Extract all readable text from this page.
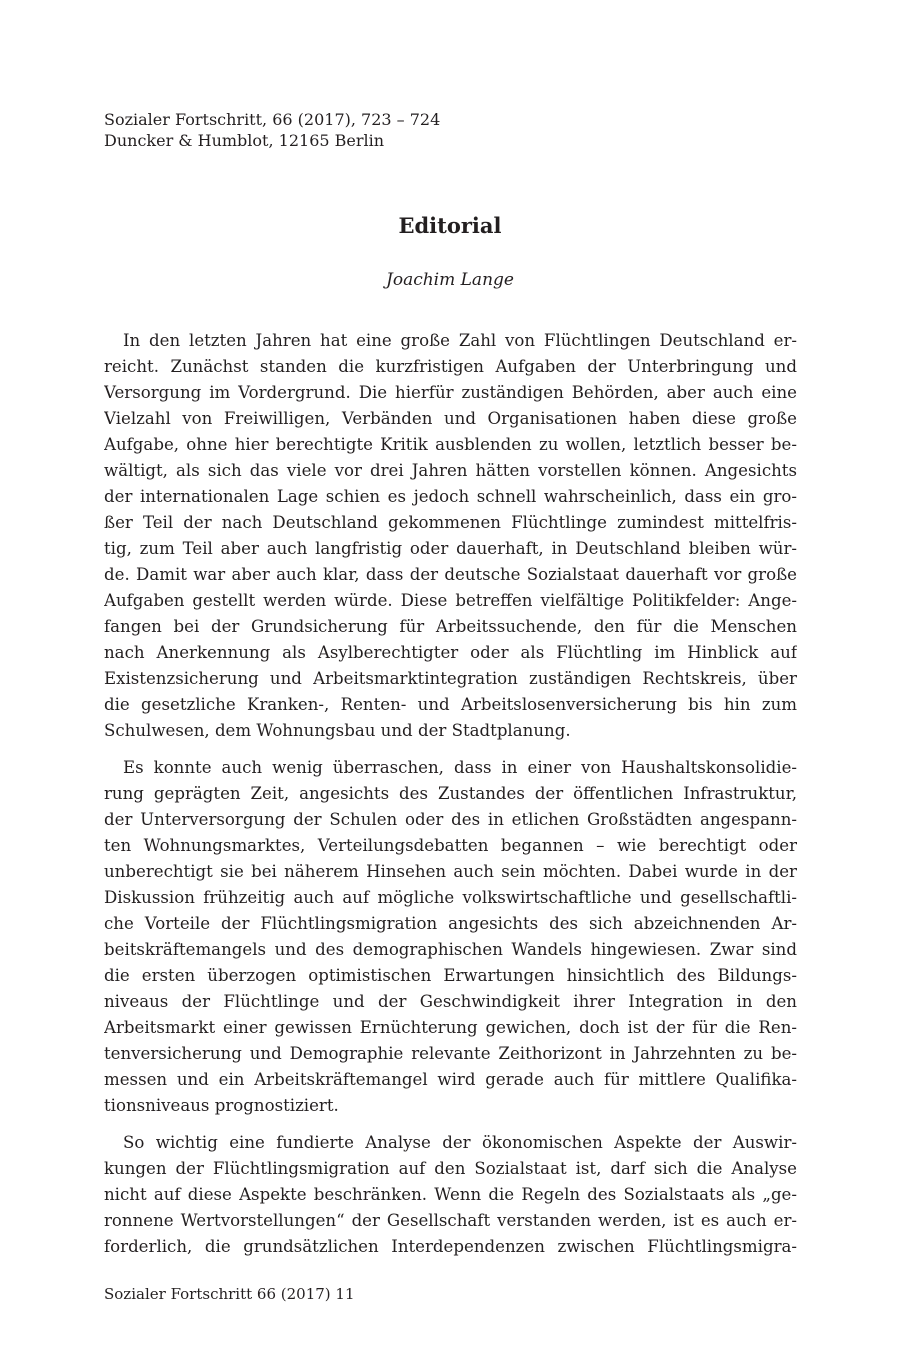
Sozialer Fortschritt, 66 (2017), 723 – 724
Duncker & Humblot, 12165 Berlin
Editorial
Joachim Lange
In den letzten Jahren hat eine große Zahl von Flüchtlingen Deutschland er-
reicht. Zunächst standen die kurzfristigen Aufgaben der Unterbringung und
Versorgung im Vordergrund. Die hierfür zuständigen Behörden, aber auch eine
Vielzahl von Freiwilligen, Verbänden und Organisationen haben diese große
Aufgabe, ohne hier berechtigte Kritik ausblenden zu wollen, letztlich besser be-
wältigt, als sich das viele vor drei Jahren hätten vorstellen können. Angesichts
der internationalen Lage schien es jedoch schnell wahrscheinlich, dass ein gro-
ßer Teil der nach Deutschland gekommenen Flüchtlinge zumindest mittelfris-
tig, zum Teil aber auch langfristig oder dauerhaft, in Deutschland bleiben wür-
de. Damit war aber auch klar, dass der deutsche Sozialstaat dauerhaft vor große
Aufgaben gestellt werden würde. Diese betreffen vielfältige Politikfelder: Ange-
fangen bei der Grundsicherung für Arbeitssuchende, den für die Menschen
nach Anerkennung als Asylberechtigter oder als Flüchtling im Hinblick auf
Existenzsicherung und Arbeitsmarktintegration zuständigen Rechtskreis, über
die gesetzliche Kranken-, Renten- und Arbeitslosenversicherung bis hin zum
Schulwesen, dem Wohnungsbau und der Stadtplanung.
Es konnte auch wenig überraschen, dass in einer von Haushaltskonsolidie-
rung geprägten Zeit, angesichts des Zustandes der öffentlichen Infrastruktur,
der Unterversorgung der Schulen oder des in etlichen Großstädten angespann-
ten Wohnungsmarktes, Verteilungsdebatten begannen – wie berechtigt oder
unberechtigt sie bei näherem Hinsehen auch sein möchten. Dabei wurde in der
Diskussion frühzeitig auch auf mögliche volkswirtschaftliche und gesellschaftli-
che Vorteile der Flüchtlingsmigration angesichts des sich abzeichnenden Ar-
beitskräftemangels und des demographischen Wandels hingewiesen. Zwar sind
die ersten überzogen optimistischen Erwartungen hinsichtlich des Bildungs-
niveaus der Flüchtlinge und der Geschwindigkeit ihrer Integration in den
Arbeitsmarkt einer gewissen Ernüchterung gewichen, doch ist der für die Ren-
tenversicherung und Demographie relevante Zeithorizont in Jahrzehnten zu be-
messen und ein Arbeitskräftemangel wird gerade auch für mittlere Qualifika-
tionsniveaus prognostiziert.
So wichtig eine fundierte Analyse der ökonomischen Aspekte der Auswir-
kungen der Flüchtlingsmigration auf den Sozialstaat ist, darf sich die Analyse
nicht auf diese Aspekte beschränken. Wenn die Regeln des Sozialstaats als „ge-
ronnene Wertvorstellungen“ der Gesellschaft verstanden werden, ist es auch er-
forderlich, die grundsätzlichen Interdependenzen zwischen Flüchtlingsmigra-
Sozialer Fortschritt 66 (2017) 11
